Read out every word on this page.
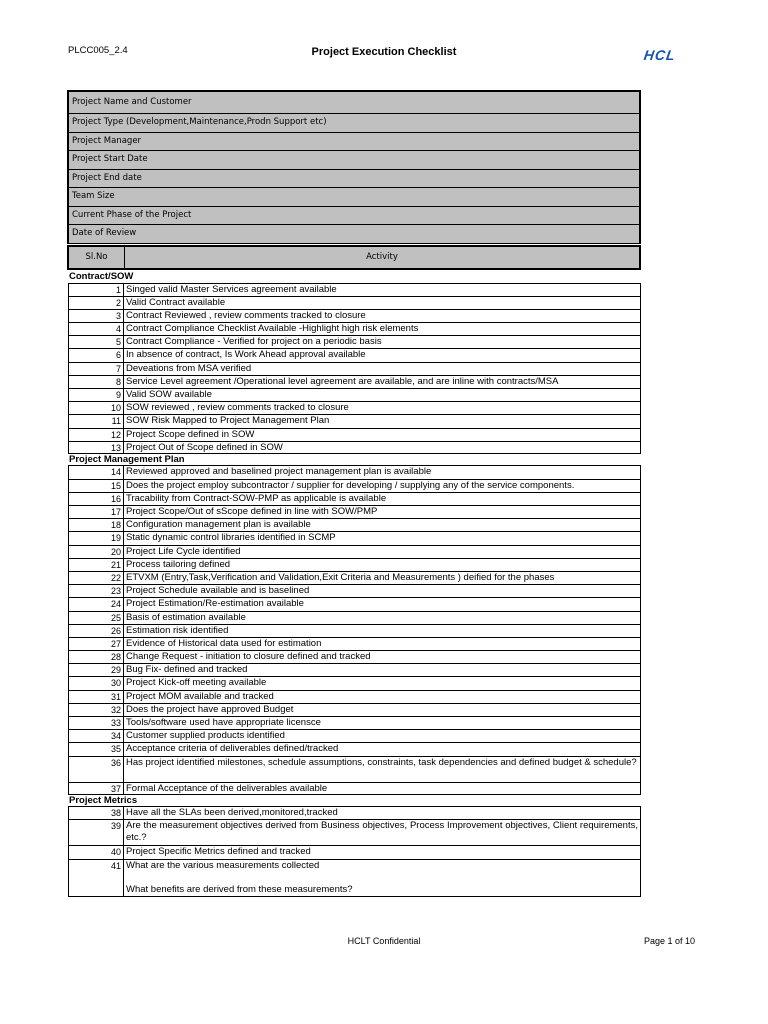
PLCC005_2.4	Project Execution Checklist	HCL
Project Name and Customer
Project Type (Development,Maintenance,Prodn Support etc)
Project Manager
Project Start Date
Project End date
Team Size
Current Phase of the Project
Date of Review
Sl.No	Activity
Contract/SOW
1 Singed valid Master Services agreement available
2 Valid Contract available
3 Contract Reviewed , review comments tracked to closure
4 Contract Compliance Checklist Available -Highlight high risk elements
5 Contract Compliance - Verified for project on a periodic basis
6 In absence of contract, Is Work Ahead approval available
7 Deveations from MSA verified
8 Service Level agreement /Operational level agreement are available, and are inline with contracts/MSA
9 Valid SOW available
10 SOW reviewed , review comments tracked to closure
11 SOW Risk Mapped to Project Management Plan
12 Project Scope defined in SOW
13 Project Out of Scope defined in SOW
Project Management Plan
14 Reviewed approved and baselined project management plan is available
15 Does the project employ subcontractor / supplier for developing / supplying any of the service components.
16 Tracability from Contract-SOW-PMP as applicable is available
17 Project Scope/Out of sScope defined in line with SOW/PMP
18 Configuration management plan is available
19 Static dynamic control libraries identified in SCMP
20 Project Life Cycle identified
21 Process tailoring defined
22 ETVXM (Entry,Task,Verification and Validation,Exit Criteria and Measurements ) deified for the phases
23 Project Schedule available and is baselined
24 Project Estimation/Re-estimation available
25 Basis of estimation available
26 Estimation risk identified
27 Evidence of Historical data used for estimation
28 Change Request - initiation to closure defined and tracked
29 Bug Fix- defined and tracked
30 Project Kick-off meeting available
31 Project MOM available and tracked
32 Does the project have approved Budget
33 Tools/software used have appropriate licensce
34 Customer supplied products identified
35 Acceptance criteria of deliverables defined/tracked
36 Has project identified milestones, schedule assumptions, constraints, task dependencies and defined budget & schedule?
37 Formal Acceptance of the deliverables available
Project Metrics
38 Have all the SLAs been derived,monitored,tracked
39 Are the measurement objectives derived from Business objectives, Process Improvement objectives, Client requirements, etc.?
40 Project Specific Metrics defined and tracked
41 What are the various measurements collected
What benefits are derived from these measurements?
HCLT Confidential	Page 1 of 10
